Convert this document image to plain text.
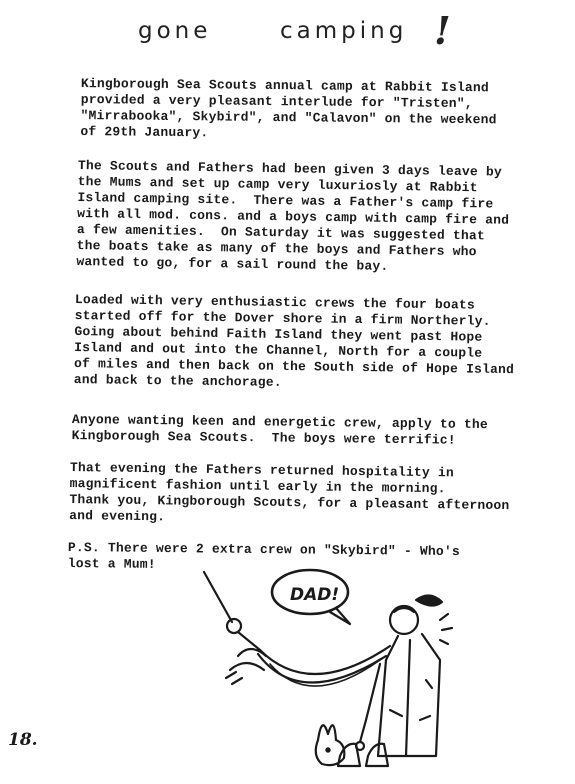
gone	camping !

Kingborough Sea Scouts annual camp at Rabbit Island
provided a very pleasant interlude for "Tristen",
"Mirrabooka", Skybird", and "Calavon" on the weekend
of 29th January.

The Scouts and Fathers had been given 3 days leave by
the Mums and set up camp very luxuriosly at Rabbit
Island camping site.  There was a Father's camp fire
with all mod. cons. and a boys camp with camp fire and
a few amenities.  On Saturday it was suggested that
the boats take as many of the boys and Fathers who
wanted to go, for a sail round the bay.

Loaded with very enthusiastic crews the four boats
started off for the Dover shore in a firm Northerly.
Going about behind Faith Island they went past Hope
Island and out into the Channel, North for a couple
of miles and then back on the South side of Hope Island
and back to the anchorage.

Anyone wanting keen and energetic crew, apply to the
Kingborough Sea Scouts.  The boys were terrific!

That evening the Fathers returned hospitality in
magnificent fashion until early in the morning.
Thank you, Kingborough Scouts, for a pleasant afternoon
and evening.

P.S. There were 2 extra crew on "Skybird" - Who's
lost a Mum!

DAD!
18.
